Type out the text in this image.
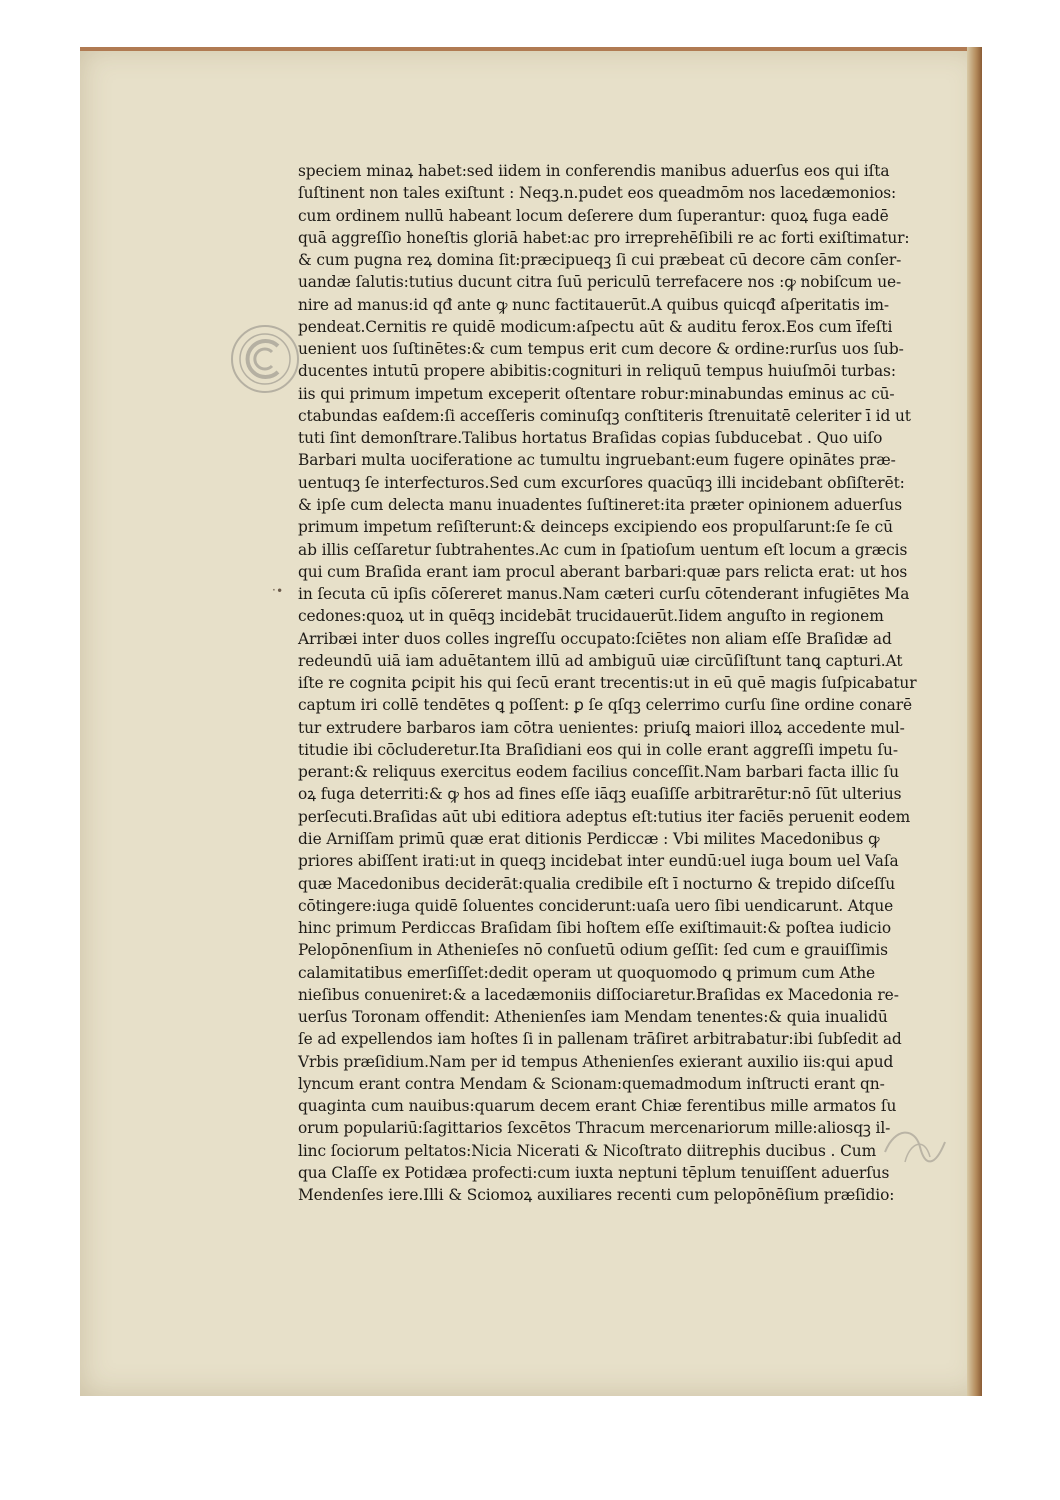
·∙
speciem minaꝝ habet:sed iidem in conferendis manibus aduerſus eos qui iſta
ſuſtinent non tales exiſtunt : Neqꝫ.n.pudet eos queadmōm nos lacedæmonios:
cum ordinem nullū habeant locum deſerere dum ſuperantur: quoꝝ fuga eadē
quā aggreſſio honeſtis gloriā habet:ac pro irreprehēſibili re ac forti exiſtimatur:
& cum pugna reꝝ domina ſit:præcipueqꝫ ſi cui præbeat cū decore cām conſer-
uandæ ſalutis:tutius ducunt citra ſuū periculū terrefacere nos :ꝙ nobiſcum ue-
nire ad manus:id qđ ante ꝙ nunc factitauerūt.A quibus quicqđ aſperitatis im-
pendeat.Cernitis re quidē modicum:aſpectu aūt & auditu ferox.Eos cum īfeſti
uenient uos ſuſtinētes:& cum tempus erit cum decore & ordine:rurſus uos ſub-
ducentes intutū propere abibitis:cognituri in reliquū tempus huiuſmōi turbas:
iis qui primum impetum exceperit oſtentare robur:minabundas eminus ac cū-
ctabundas eaſdem:ſi acceſſeris cominuſqꝫ conſtiteris ſtrenuitatē celeriter ī id ut
tuti ſint demonſtrare.Talibus hortatus Braſidas copias ſubducebat . Quo uiſo
Barbari multa uociferatione ac tumultu ingruebant:eum fugere opinātes præ-
uentuqꝫ ſe interfecturos.Sed cum excurſores quacūqꝫ illi incidebant obſiſterēt:
& ipſe cum delecta manu inuadentes ſuſtineret:ita præter opinionem aduerſus
primum impetum reſiſterunt:& deinceps excipiendo eos propulſarunt:ſe ſe cū
ab illis ceſſaretur ſubtrahentes.Ac cum in ſpatioſum uentum eſt locum a græcis
qui cum Braſida erant iam procul aberant barbari:quæ pars relicta erat: ut hos
in ſecuta cū ipſis cōſereret manus.Nam cæteri curſu cōtenderant infugiētes Ma
cedones:quoꝝ ut in quēqꝫ incidebāt trucidauerūt.Iidem anguſto in regionem
Arribæi inter duos colles ingreſſu occupato:ſciētes non aliam eſſe Braſidæ ad
redeundū uiā iam aduētantem illū ad ambiguū uiæ circūſiſtunt tanꝗ capturi.At
iſte re cognita ꝑcipit his qui ſecū erant trecentis:ut in eū quē magis ſuſpicabatur
captum iri collē tendētes ꝗ poſſent: ꝑ ſe qſqꝫ celerrimo curſu ſine ordine conarē
tur extrudere barbaros iam cōtra uenientes: priuſꝗ maiori illoꝝ accedente mul-
titudie ibi cōcluderetur.Ita Braſidiani eos qui in colle erant aggreſſi impetu ſu-
perant:& reliquus exercitus eodem facilius conceſſit.Nam barbari facta illic ſu
oꝝ fuga deterriti:& ꝙ hos ad fines eſſe iāqꝫ euaſiſſe arbitrarētur:nō ſūt ulterius
perſecuti.Braſidas aūt ubi editiora adeptus eſt:tutius iter faciēs peruenit eodem
die Arniſſam primū quæ erat ditionis Perdiccæ : Vbi milites Macedonibus ꝙ
priores abiſſent irati:ut in queqꝫ incidebat inter eundū:uel iuga boum uel Vaſa
quæ Macedonibus deciderāt:qualia credibile eſt ī nocturno & trepido diſceſſu
cōtingere:iuga quidē ſoluentes conciderunt:uaſa uero ſibi uendicarunt. Atque
hinc primum Perdiccas Braſidam ſibi hoſtem eſſe exiſtimauit:& poſtea iudicio
Pelopōnenſium in Athenieſes nō conſuetū odium geſſit: ſed cum e grauiſſimis
calamitatibus emerſiſſet:dedit operam ut quoquomodo ꝗ primum cum Athe
nieſibus conueniret:& a lacedæmoniis diſſociaretur.Braſidas ex Macedonia re-
uerſus Toronam offendit: Athenienſes iam Mendam tenentes:& quia inualidū
ſe ad expellendos iam hoſtes ſi in pallenam trāſiret arbitrabatur:ibi ſubſedit ad
Vrbis præſidium.Nam per id tempus Athenienſes exierant auxilio iis:qui apud
lyncum erant contra Mendam & Scionam:quemadmodum inſtructi erant qn-
quaginta cum nauibus:quarum decem erant Chiæ ferentibus mille armatos ſu
orum populariū:ſagittarios ſexcētos Thracum mercenariorum mille:aliosqꝫ il-
linc ſociorum peltatos:Nicia Nicerati & Nicoſtrato diitrephis ducibus . Cum
qua Claſſe ex Potidæa profecti:cum iuxta neptuni tēplum tenuiſſent aduerſus
Mendenſes iere.Illi & Sciomoꝝ auxiliares recenti cum pelopōnēſium præſidio:
